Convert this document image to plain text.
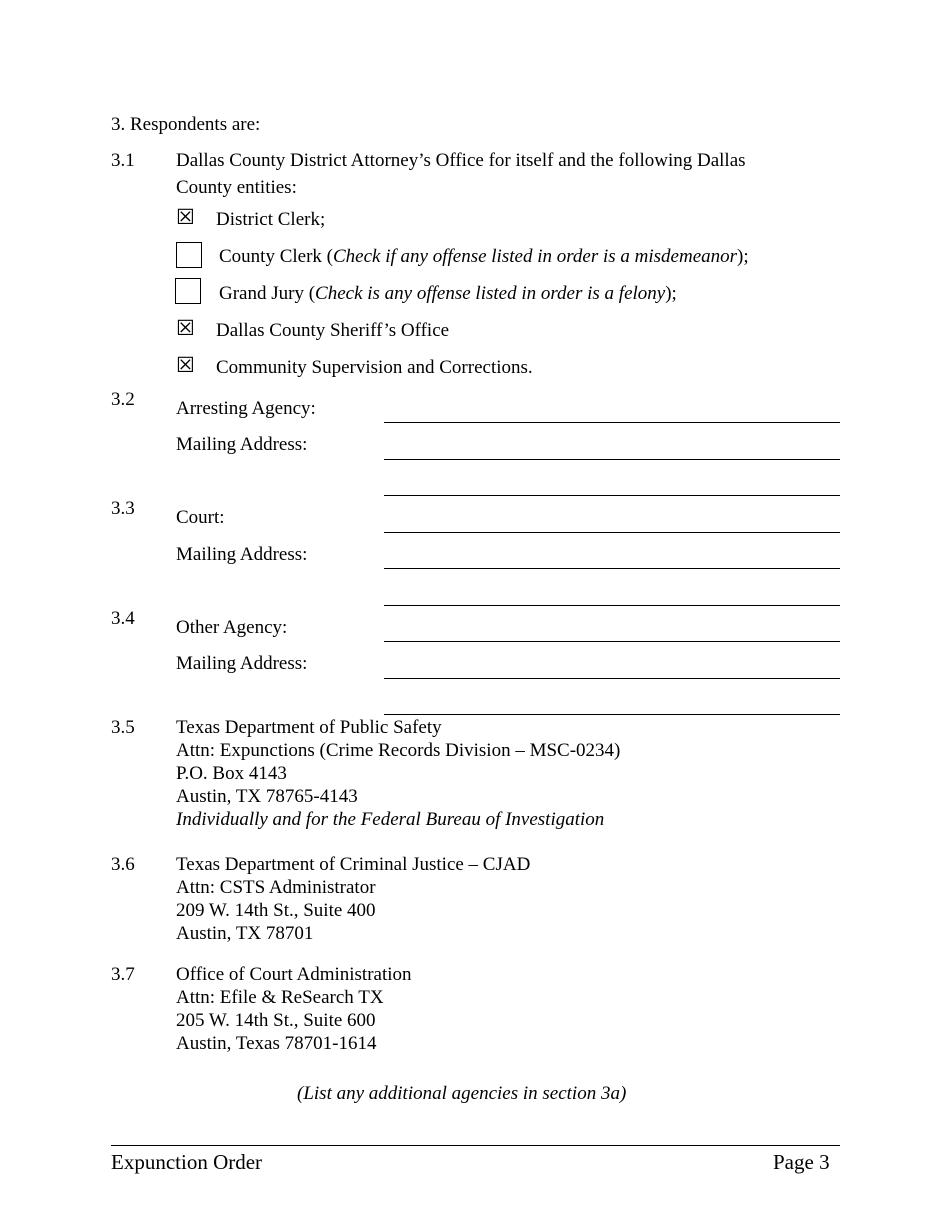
3. Respondents are:
3.1 Dallas County District Attorney’s Office for itself and the following Dallas
County entities:
☒ District Clerk;
County Clerk (Check if any offense listed in order is a misdemeanor);
Grand Jury (Check is any offense listed in order is a felony);
☒ Dallas County Sheriff’s Office
☒ Community Supervision and Corrections.
3.2 Arresting Agency:
Mailing Address:
3.3 Court:
Mailing Address:
3.4 Other Agency:
Mailing Address:
3.5 Texas Department of Public Safety
Attn: Expunctions (Crime Records Division – MSC-0234)
P.O. Box 4143
Austin, TX 78765-4143
Individually and for the Federal Bureau of Investigation
3.6 Texas Department of Criminal Justice – CJAD
Attn: CSTS Administrator
209 W. 14th St., Suite 400
Austin, TX 78701
3.7 Office of Court Administration
Attn: Efile & ReSearch TX
205 W. 14th St., Suite 600
Austin, Texas 78701-1614
(List any additional agencies in section 3a)
Expunction Order	Page 3
